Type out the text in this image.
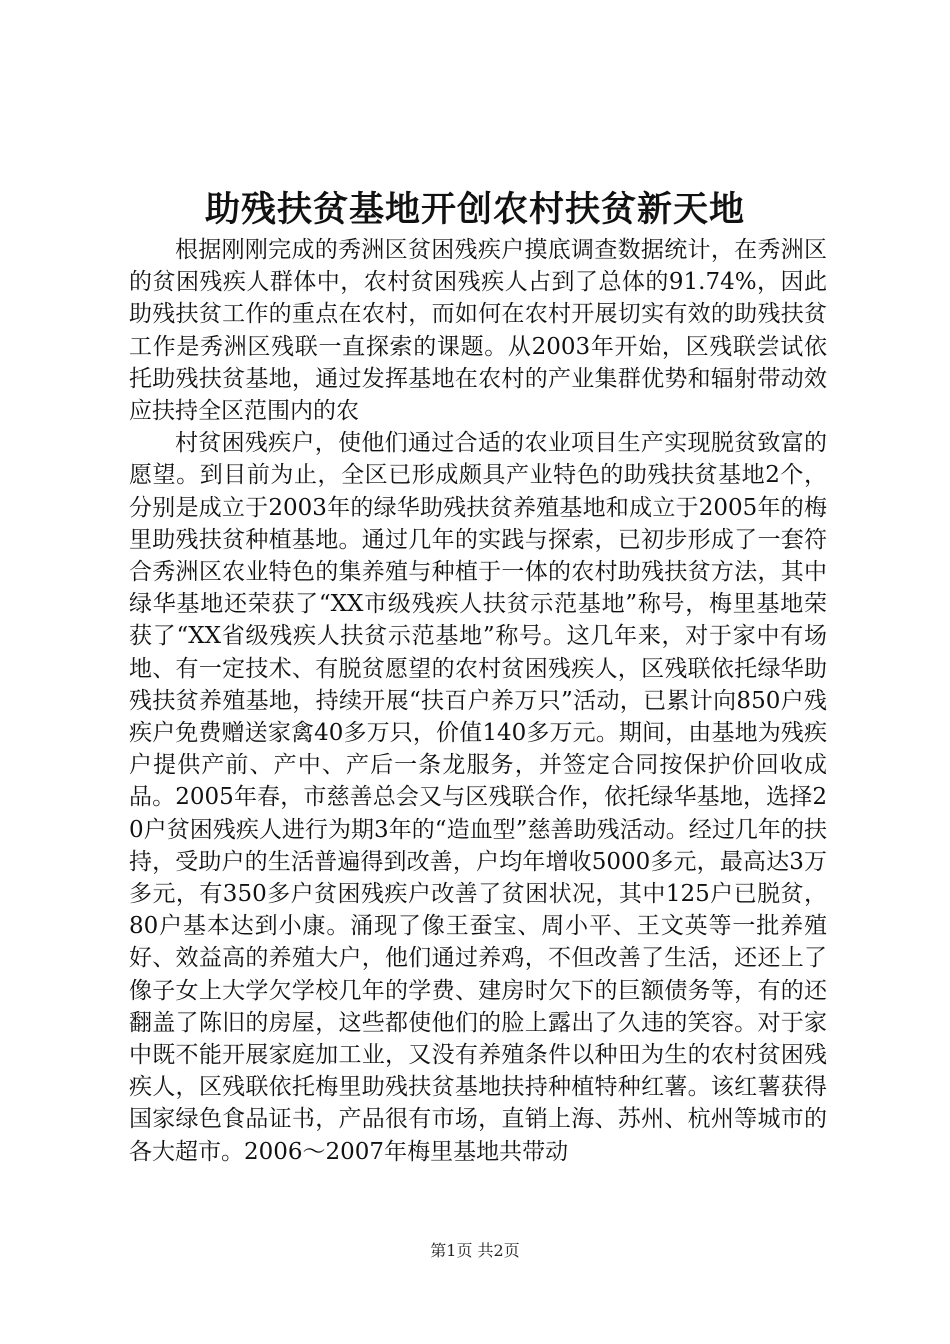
助残扶贫基地开创农村扶贫新天地

根据刚刚完成的秀洲区贫困残疾户摸底调查数据统计，在秀洲区的贫困残疾人群体中，农村贫困残疾人占到了总体的91.74%，因此助残扶贫工作的重点在农村，而如何在农村开展切实有效的助残扶贫工作是秀洲区残联一直探索的课题。从2003年开始，区残联尝试依托助残扶贫基地，通过发挥基地在农村的产业集群优势和辐射带动效应扶持全区范围内的农

村贫困残疾户，使他们通过合适的农业项目生产实现脱贫致富的愿望。到目前为止，全区已形成颇具产业特色的助残扶贫基地2个，分别是成立于2003年的绿华助残扶贫养殖基地和成立于2005年的梅里助残扶贫种植基地。通过几年的实践与探索，已初步形成了一套符合秀洲区农业特色的集养殖与种植于一体的农村助残扶贫方法，其中绿华基地还荣获了“XX市级残疾人扶贫示范基地”称号，梅里基地荣获了“XX省级残疾人扶贫示范基地”称号。这几年来，对于家中有场地、有一定技术、有脱贫愿望的农村贫困残疾人，区残联依托绿华助残扶贫养殖基地，持续开展“扶百户养万只”活动，已累计向850户残疾户免费赠送家禽40多万只，价值140多万元。期间，由基地为残疾户提供产前、产中、产后一条龙服务，并签定合同按保护价回收成品。2005年春，市慈善总会又与区残联合作，依托绿华基地，选择20户贫困残疾人进行为期3年的“造血型”慈善助残活动。经过几年的扶持，受助户的生活普遍得到改善，户均年增收5000多元，最高达3万多元，有350多户贫困残疾户改善了贫困状况，其中125户已脱贫，80户基本达到小康。涌现了像王蚕宝、周小平、王文英等一批养殖好、效益高的养殖大户，他们通过养鸡，不但改善了生活，还还上了像子女上大学欠学校几年的学费、建房时欠下的巨额债务等，有的还翻盖了陈旧的房屋，这些都使他们的脸上露出了久违的笑容。对于家中既不能开展家庭加工业，又没有养殖条件以种田为生的农村贫困残疾人，区残联依托梅里助残扶贫基地扶持种植特种红薯。该红薯获得国家绿色食品证书，产品很有市场，直销上海、苏州、杭州等城市的各大超市。2006～2007年梅里基地共带动

第1页 共2页
